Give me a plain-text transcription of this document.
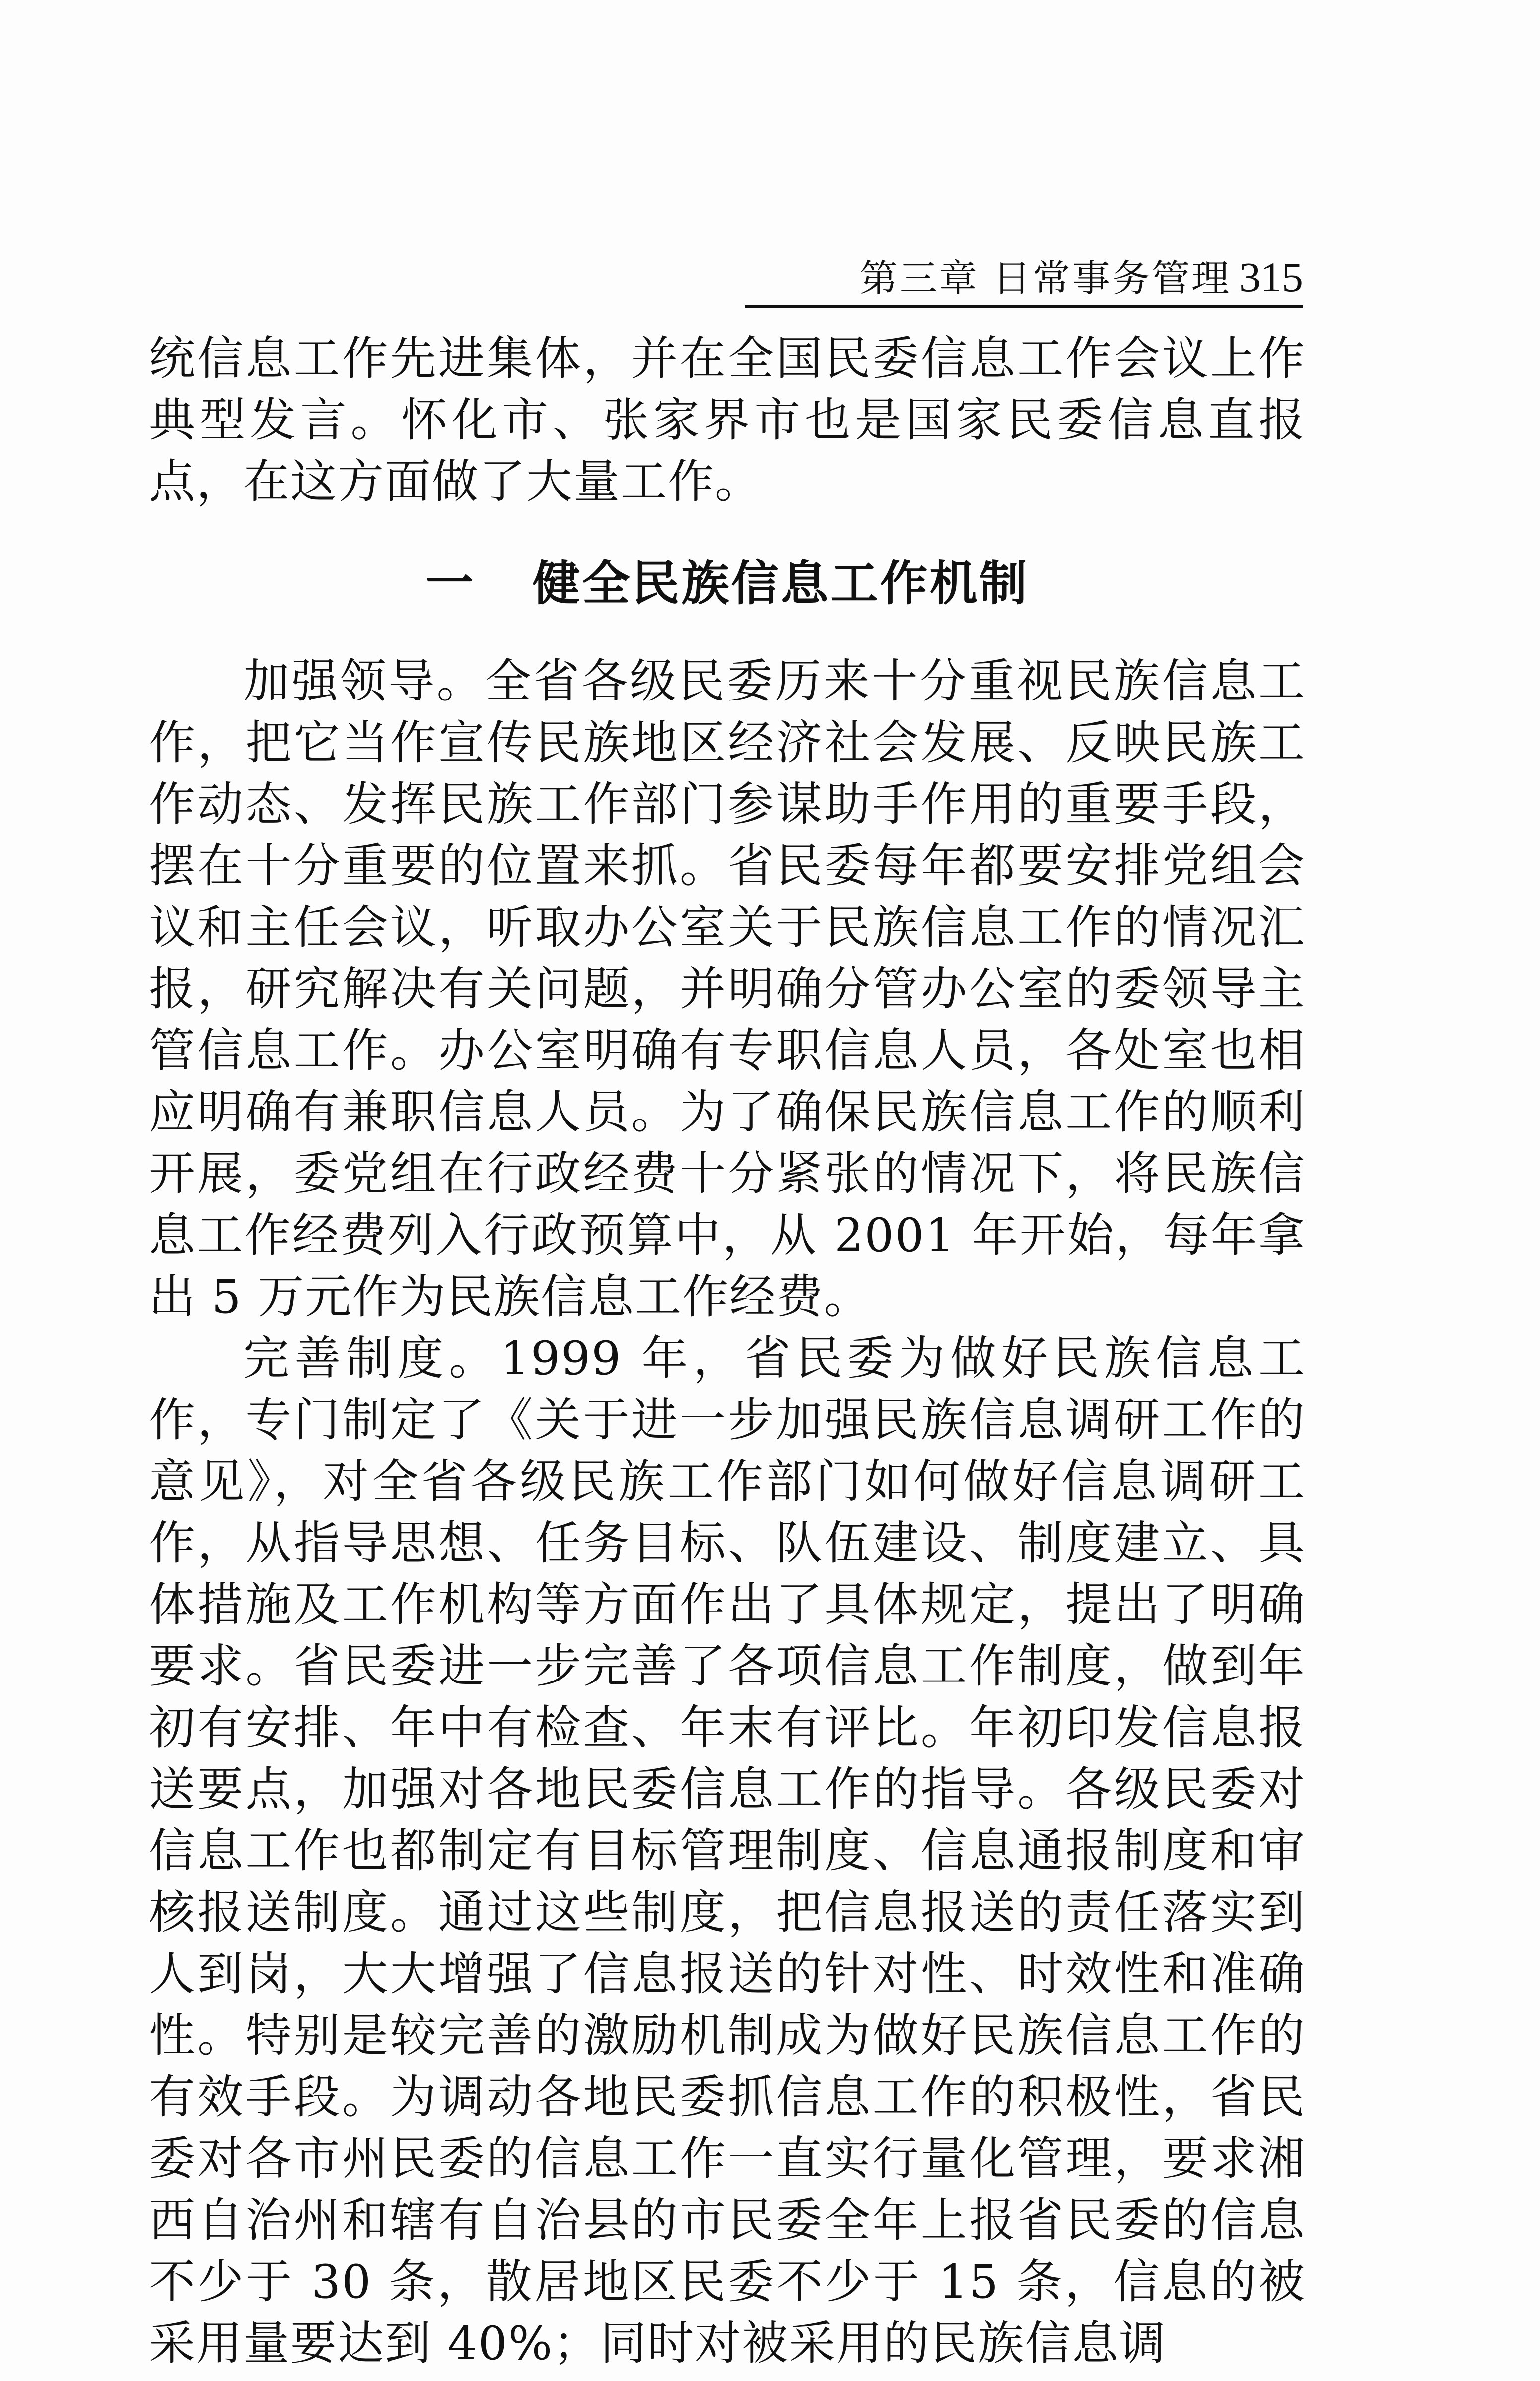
第三章 日常事务管理 315

统信息工作先进集体，并在全国民委信息工作会议上作典型发言。怀化市、张家界市也是国家民委信息直报点，在这方面做了大量工作。

一 健全民族信息工作机制

加强领导。全省各级民委历来十分重视民族信息工作，把它当作宣传民族地区经济社会发展、反映民族工作动态、发挥民族工作部门参谋助手作用的重要手段，摆在十分重要的位置来抓。省民委每年都要安排党组会议和主任会议，听取办公室关于民族信息工作的情况汇报，研究解决有关问题，并明确分管办公室的委领导主管信息工作。办公室明确有专职信息人员，各处室也相应明确有兼职信息人员。为了确保民族信息工作的顺利开展，委党组在行政经费十分紧张的情况下，将民族信息工作经费列入行政预算中，从 2001 年开始，每年拿出 5 万元作为民族信息工作经费。

完善制度。1999 年，省民委为做好民族信息工作，专门制定了《关于进一步加强民族信息调研工作的意见》，对全省各级民族工作部门如何做好信息调研工作，从指导思想、任务目标、队伍建设、制度建立、具体措施及工作机构等方面作出了具体规定，提出了明确要求。省民委进一步完善了各项信息工作制度，做到年初有安排、年中有检查、年末有评比。年初印发信息报送要点，加强对各地民委信息工作的指导。各级民委对信息工作也都制定有目标管理制度、信息通报制度和审核报送制度。通过这些制度，把信息报送的责任落实到人到岗，大大增强了信息报送的针对性、时效性和准确性。特别是较完善的激励机制成为做好民族信息工作的有效手段。为调动各地民委抓信息工作的积极性，省民委对各市州民委的信息工作一直实行量化管理，要求湘西自治州和辖有自治县的市民委全年上报省民委的信息不少于 30 条，散居地区民委不少于 15 条，信息的被采用量要达到 40%；同时对被采用的民族信息调
